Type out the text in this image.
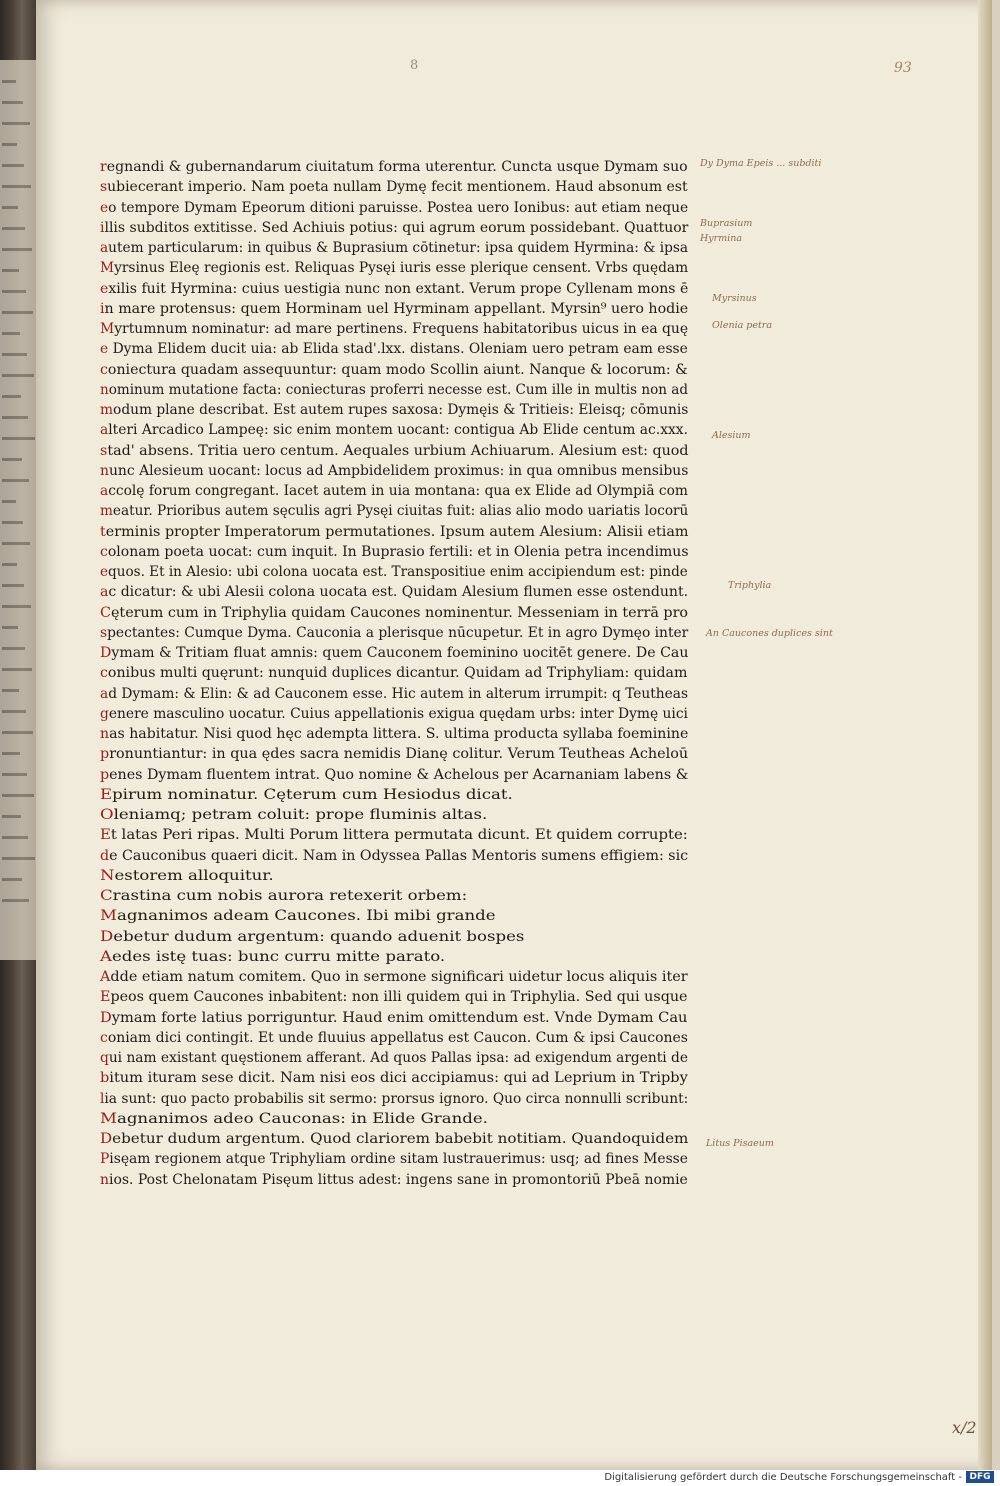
8	93
regnandi & gubernandarum ciuitatum forma uterentur. Cuncta usque Dymam suo
subiecerant imperio. Nam poeta nullam Dymę fecit mentionem. Haud absonum est
eo tempore Dymam Epeorum ditioni paruisse. Postea uero Ionibus: aut etiam neque
illis subditos extitisse. Sed Achiuis potius: qui agrum eorum possidebant. Quattuor
autem particularum: in quibus & Buprasium cōtinetur: ipsa quidem Hyrmina: & ipsa
Myrsinus Eleę regionis est. Reliquas Pysęi iuris esse plerique censent. Vrbs quędam
exilis fuit Hyrmina: cuius uestigia nunc non extant. Verum prope Cyllenam mons ē
in mare protensus: quem Horminam uel Hyrminam appellant. Myrsin⁹ uero hodie
Myrtumnum nominatur: ad mare pertinens. Frequens habitatoribus uicus in ea quę
e Dyma Elidem ducit uia: ab Elida stad'.lxx. distans. Oleniam uero petram eam esse
coniectura quadam assequuntur: quam modo Scollin aiunt. Nanque & locorum: &
nominum mutatione facta: coniecturas proferri necesse est. Cum ille in multis non ad
modum plane describat. Est autem rupes saxosa: Dymęis & Tritieis: Eleisq; cōmunis
alteri Arcadico Lampeę: sic enim montem uocant: contigua Ab Elide centum ac.xxx.
stad' absens. Tritia uero centum. Aequales urbium Achiuarum. Alesium est: quod
nunc Alesieum uocant: locus ad Ampbidelidem proximus: in qua omnibus mensibus
accolę forum congregant. Iacet autem in uia montana: qua ex Elide ad Olympiā com
meatur. Prioribus autem sęculis agri Pysęi ciuitas fuit: alias alio modo uariatis locorū
terminis propter Imperatorum permutationes. Ipsum autem Alesium: Alisii etiam
colonam poeta uocat: cum inquit. In Buprasio fertili: et in Olenia petra incendimus
equos. Et in Alesio: ubi colona uocata est. Transpositiue enim accipiendum est: pinde
ac dicatur: & ubi Alesii colona uocata est. Quidam Alesium flumen esse ostendunt.
Cęterum cum in Triphylia quidam Caucones nominentur. Messeniam in terrā pro
spectantes: Cumque Dyma. Cauconia a plerisque nūcupetur. Et in agro Dymęo inter
Dymam & Tritiam fluat amnis: quem Cauconem foeminino uocitēt genere. De Cau
conibus multi quęrunt: nunquid duplices dicantur. Quidam ad Triphyliam: quidam
ad Dymam: & Elin: & ad Cauconem esse. Hic autem in alterum irrumpit: q Teutheas
genere masculino uocatur. Cuius appellationis exigua quędam urbs: inter Dymę uici
nas habitatur. Nisi quod hęc adempta littera. S. ultima producta syllaba foeminine
pronuntiantur: in qua ędes sacra nemidis Dianę colitur. Verum Teutheas Acheloū
penes Dymam fluentem intrat. Quo nomine & Achelous per Acarnaniam labens &
Epirum nominatur. Cęterum cum Hesiodus dicat.
Oleniamq; petram coluit: prope fluminis altas.
Et latas Peri ripas. Multi Porum littera permutata dicunt. Et quidem corrupte:
de Cauconibus quaeri dicit. Nam in Odyssea Pallas Mentoris sumens effigiem: sic
Nestorem alloquitur.
Crastina cum nobis aurora retexerit orbem:
Magnanimos adeam Caucones. Ibi mibi grande
Debetur dudum argentum: quando aduenit bospes
Aedes istę tuas: bunc curru mitte parato.
Adde etiam natum comitem. Quo in sermone significari uidetur locus aliquis iter
Epeos quem Caucones inbabitent: non illi quidem qui in Triphylia. Sed qui usque
Dymam forte latius porriguntur. Haud enim omittendum est. Vnde Dymam Cau
coniam dici contingit. Et unde fluuius appellatus est Caucon. Cum & ipsi Caucones
qui nam existant quęstionem afferant. Ad quos Pallas ipsa: ad exigendum argenti de
bitum ituram sese dicit. Nam nisi eos dici accipiamus: qui ad Leprium in Tripby
lia sunt: quo pacto probabilis sit sermo: prorsus ignoro. Quo circa nonnulli scribunt:
Magnanimos adeo Cauconas: in Elide Grande.
Debetur dudum argentum. Quod clariorem babebit notitiam. Quandoquidem
Pisęam regionem atque Triphyliam ordine sitam lustrauerimus: usq; ad fines Messe
nios. Post Chelonatam Pisęum littus adest: ingens sane in promontoriū Pbeā nomie
Dy Dyma Epeis ... subditi
Buprasium
Hyrmina
Myrsinus
Olenia petra
Alesium
Triphylia
An Caucones duplices sint
Litus Pisaeum
x/2
Digitalisierung gefördert durch die Deutsche Forschungsgemeinschaft - DFG
